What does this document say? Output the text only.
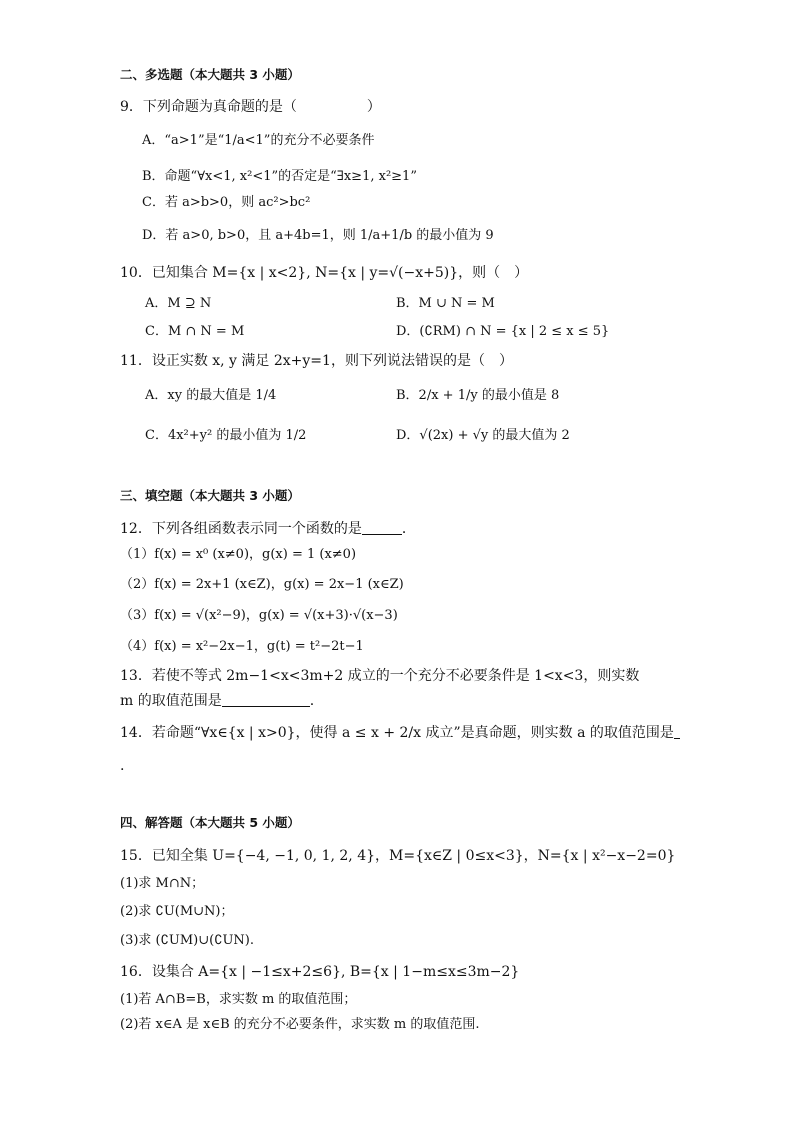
二、多选题（本大题共 3 小题）
9．下列命题为真命题的是（　　　　　）
A．“a>1”是“1/a<1”的充分不必要条件
B．命题“∀x<1, x²<1”的否定是“∃x≥1, x²≥1”
C．若 a>b>0，则 ac²>bc²
D．若 a>0, b>0，且 a+4b=1，则 1/a+1/b 的最小值为 9
10．已知集合 M={x | x<2}, N={x | y=√(−x+5)}，则（　）
A．M ⊇ N	B．M ∪ N = M
C．M ∩ N = M	D．(∁RM) ∩ N = {x | 2 ≤ x ≤ 5}
11．设正实数 x, y 满足 2x+y=1，则下列说法错误的是（　）
A．xy 的最大值是 1/4	B．2/x + 1/y 的最小值是 8
C．4x²+y² 的最小值为 1/2	D．√(2x) + √y 的最大值为 2
三、填空题（本大题共 3 小题）
12．下列各组函数表示同一个函数的是	．
（1）f(x) = x⁰ (x≠0)，g(x) = 1 (x≠0)
（2）f(x) = 2x+1 (x∈Z)，g(x) = 2x−1 (x∈Z)
（3）f(x) = √(x²−9)，g(x) = √(x+3)·√(x−3)
（4）f(x) = x²−2x−1，g(t) = t²−2t−1
13．若使不等式 2m−1<x<3m+2 成立的一个充分不必要条件是 1<x<3，则实数
m 的取值范围是	.
14．若命题“∀x∈{x | x>0}，使得 a ≤ x + 2/x 成立”是真命题，则实数 a 的取值范围是
.
四、解答题（本大题共 5 小题）
15．已知全集 U={−4, −1, 0, 1, 2, 4}，M={x∈Z | 0≤x<3}，N={x | x²−x−2=0}
(1)求 M∩N；
(2)求 ∁U(M∪N)；
(3)求 (∁UM)∪(∁UN).
16．设集合 A={x | −1≤x+2≤6}, B={x | 1−m≤x≤3m−2}
(1)若 A∩B=B，求实数 m 的取值范围；
(2)若 x∈A 是 x∈B 的充分不必要条件，求实数 m 的取值范围.
